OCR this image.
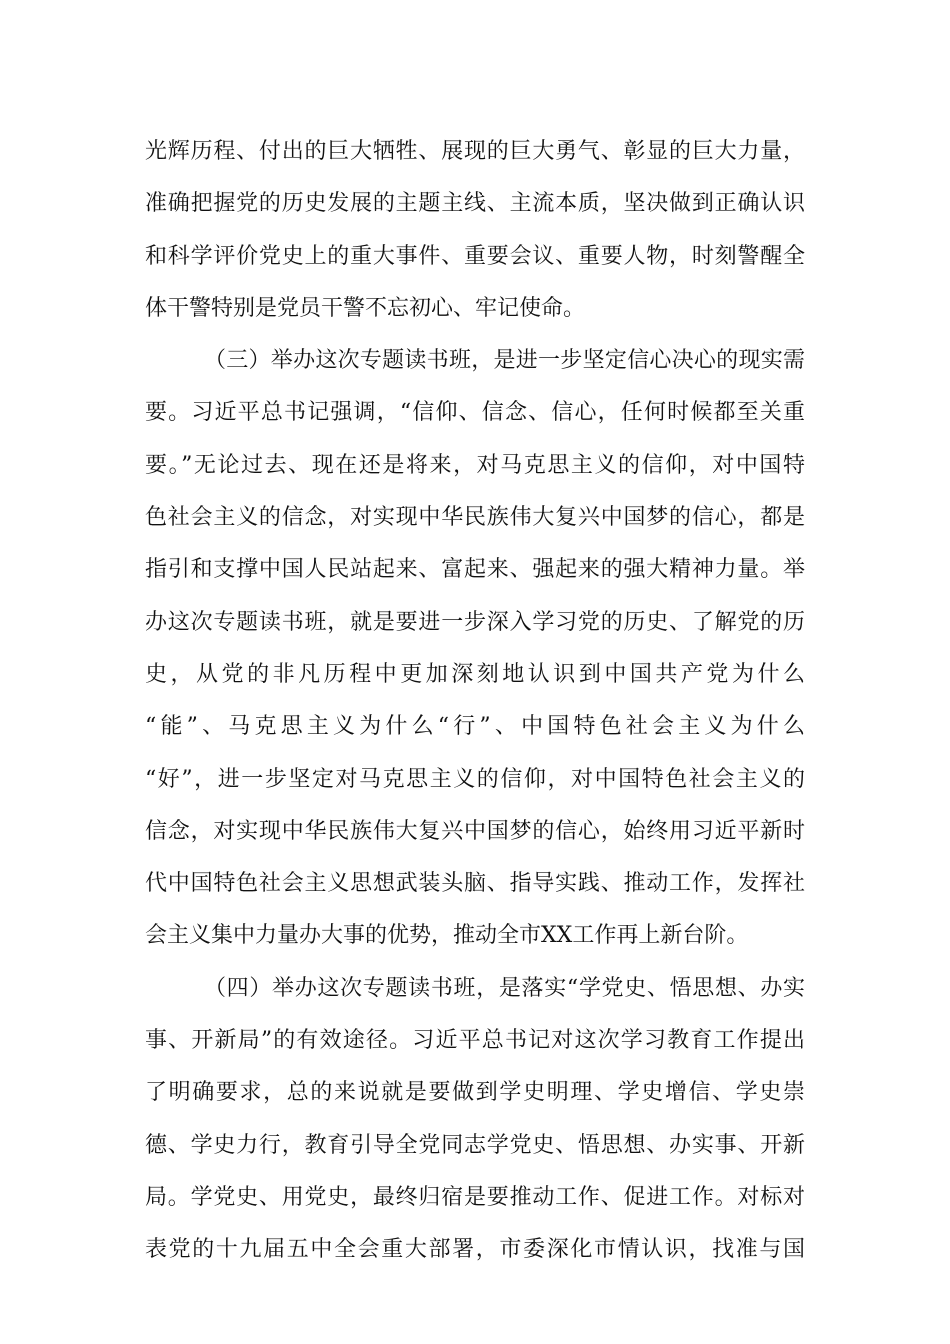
光辉历程、付出的巨大牺牲、展现的巨大勇气、彰显的巨大力量，
准确把握党的历史发展的主题主线、主流本质，坚决做到正确认识
和科学评价党史上的重大事件、重要会议、重要人物，时刻警醒全
体干警特别是党员干警不忘初心、牢记使命。
（三）举办这次专题读书班，是进一步坚定信心决心的现实需
要。习近平总书记强调，“信仰、信念、信心，任何时候都至关重
要。”无论过去、现在还是将来，对马克思主义的信仰，对中国特
色社会主义的信念，对实现中华民族伟大复兴中国梦的信心，都是
指引和支撑中国人民站起来、富起来、强起来的强大精神力量。举
办这次专题读书班，就是要进一步深入学习党的历史、了解党的历
史，从党的非凡历程中更加深刻地认识到中国共产党为什么
“能”、马克思主义为什么“行”、中国特色社会主义为什么
“好”，进一步坚定对马克思主义的信仰，对中国特色社会主义的
信念，对实现中华民族伟大复兴中国梦的信心，始终用习近平新时
代中国特色社会主义思想武装头脑、指导实践、推动工作，发挥社
会主义集中力量办大事的优势，推动全市XX工作再上新台阶。
（四）举办这次专题读书班，是落实“学党史、悟思想、办实
事、开新局”的有效途径。习近平总书记对这次学习教育工作提出
了明确要求，总的来说就是要做到学史明理、学史增信、学史崇
德、学史力行，教育引导全党同志学党史、悟思想、办实事、开新
局。学党史、用党史，最终归宿是要推动工作、促进工作。对标对
表党的十九届五中全会重大部署，市委深化市情认识，找准与国
